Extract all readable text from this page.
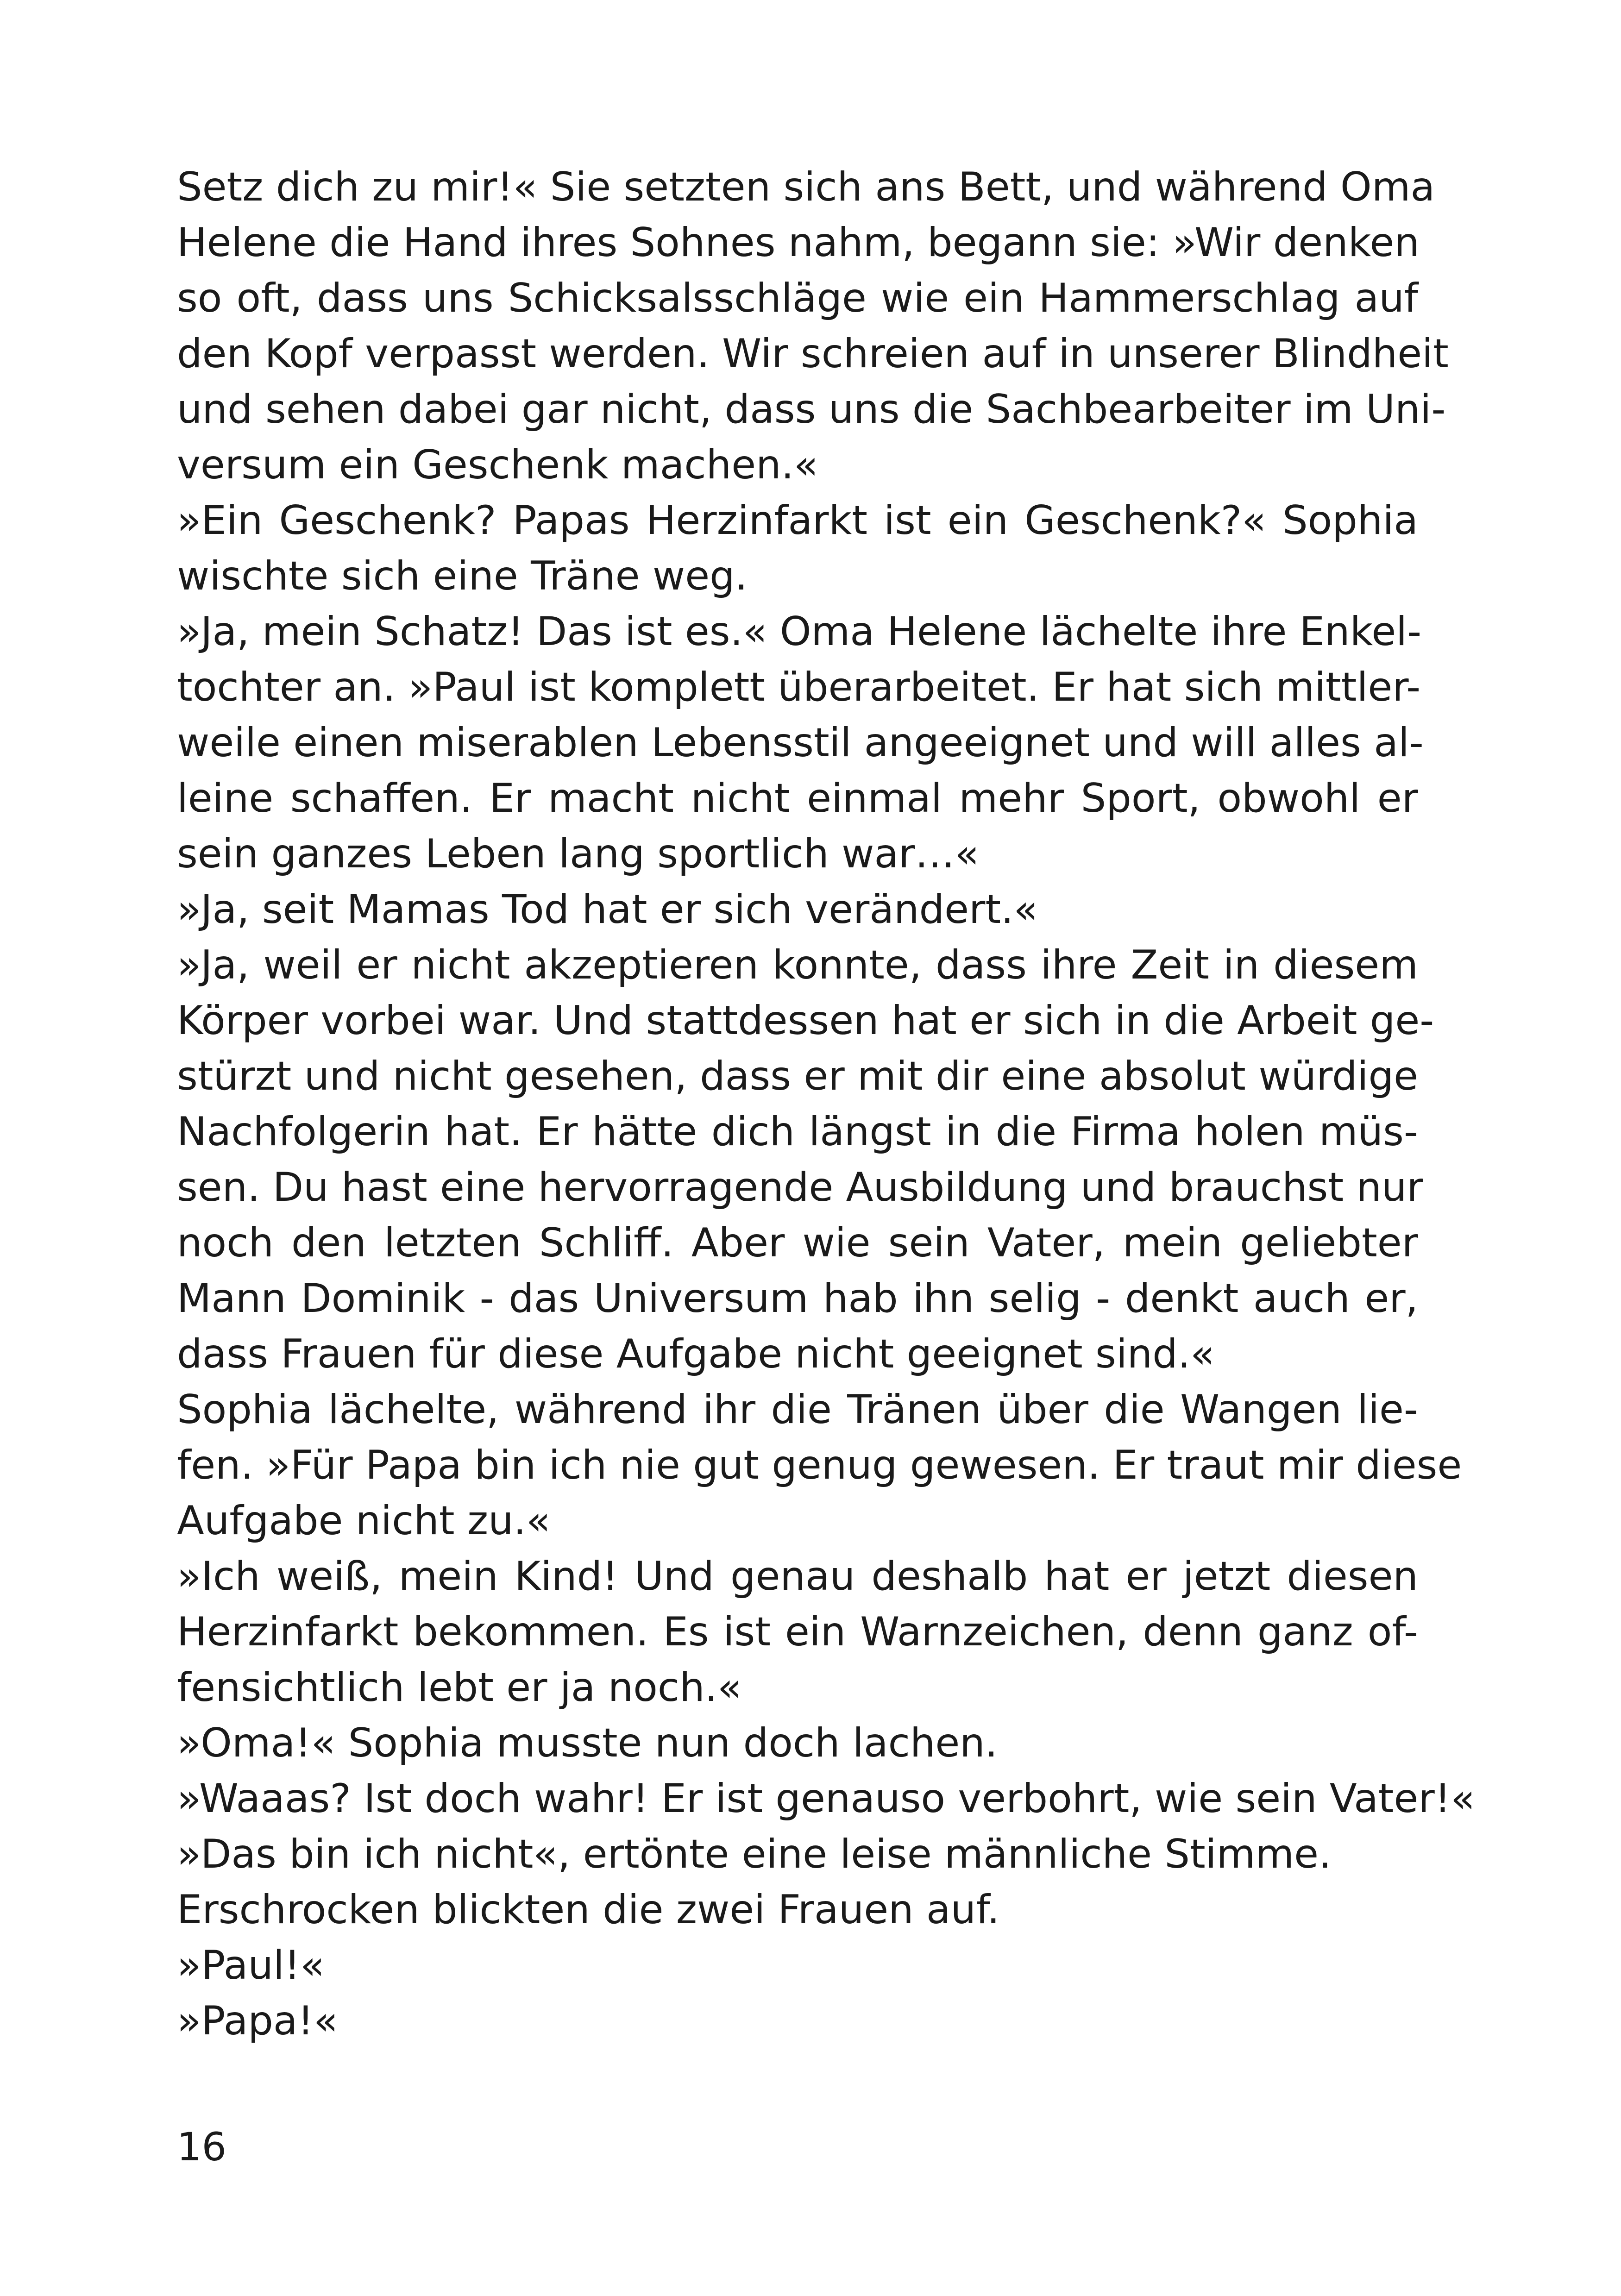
Setz dich zu mir!« Sie setzten sich ans Bett, und während Oma
Helene die Hand ihres Sohnes nahm, begann sie: »Wir denken
so oft, dass uns Schicksalsschläge wie ein Hammerschlag auf
den Kopf verpasst werden. Wir schreien auf in unserer Blindheit
und sehen dabei gar nicht, dass uns die Sachbearbeiter im Uni-
versum ein Geschenk machen.«
»Ein Geschenk? Papas Herzinfarkt ist ein Geschenk?« Sophia
wischte sich eine Träne weg.
»Ja, mein Schatz! Das ist es.« Oma Helene lächelte ihre Enkel-
tochter an. »Paul ist komplett überarbeitet. Er hat sich mittler-
weile einen miserablen Lebensstil angeeignet und will alles al-
leine schaffen. Er macht nicht einmal mehr Sport, obwohl er
sein ganzes Leben lang sportlich war…«
»Ja, seit Mamas Tod hat er sich verändert.«
»Ja, weil er nicht akzeptieren konnte, dass ihre Zeit in diesem
Körper vorbei war. Und stattdessen hat er sich in die Arbeit ge-
stürzt und nicht gesehen, dass er mit dir eine absolut würdige
Nachfolgerin hat. Er hätte dich längst in die Firma holen müs-
sen. Du hast eine hervorragende Ausbildung und brauchst nur
noch den letzten Schliff. Aber wie sein Vater, mein geliebter
Mann Dominik - das Universum hab ihn selig - denkt auch er,
dass Frauen für diese Aufgabe nicht geeignet sind.«
Sophia lächelte, während ihr die Tränen über die Wangen lie-
fen. »Für Papa bin ich nie gut genug gewesen. Er traut mir diese
Aufgabe nicht zu.«
»Ich weiß, mein Kind! Und genau deshalb hat er jetzt diesen
Herzinfarkt bekommen. Es ist ein Warnzeichen, denn ganz of-
fensichtlich lebt er ja noch.«
»Oma!« Sophia musste nun doch lachen.
»Waaas? Ist doch wahr! Er ist genauso verbohrt, wie sein Vater!«
»Das bin ich nicht«, ertönte eine leise männliche Stimme.
Erschrocken blickten die zwei Frauen auf.
»Paul!«
»Papa!«
16
